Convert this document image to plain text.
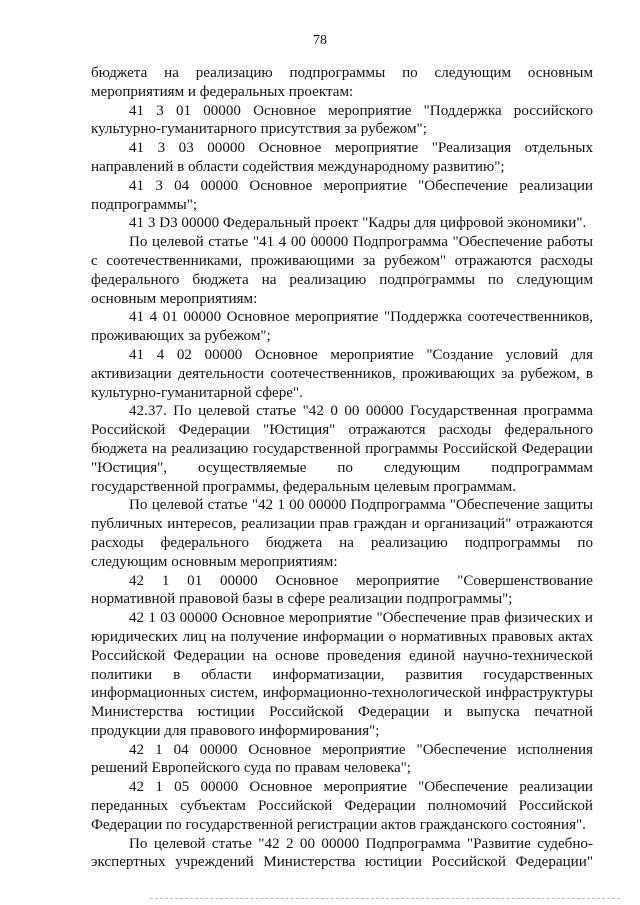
78

бюджета на реализацию подпрограммы по следующим основным мероприятиям и федеральных проектам:

41 3 01 00000 Основное мероприятие "Поддержка российского культурно-гуманитарного присутствия за рубежом";

41 3 03 00000 Основное мероприятие "Реализация отдельных направлений в области содействия международному развитию";

41 3 04 00000 Основное мероприятие "Обеспечение реализации подпрограммы";

41 3 D3 00000 Федеральный проект "Кадры для цифровой экономики".

По целевой статье "41 4 00 00000 Подпрограмма "Обеспечение работы с соотечественниками, проживающими за рубежом" отражаются расходы федерального бюджета на реализацию подпрограммы по следующим основным мероприятиям:

41 4 01 00000 Основное мероприятие "Поддержка соотечественников, проживающих за рубежом";

41 4 02 00000 Основное мероприятие "Создание условий для активизации деятельности соотечественников, проживающих за рубежом, в культурно-гуманитарной сфере".

42.37. По целевой статье "42 0 00 00000 Государственная программа Российской Федерации "Юстиция" отражаются расходы федерального бюджета на реализацию государственной программы Российской Федерации "Юстиция", осуществляемые по следующим подпрограммам государственной программы, федеральным целевым программам.

По целевой статье "42 1 00 00000 Подпрограмма "Обеспечение защиты публичных интересов, реализации прав граждан и организаций" отражаются расходы федерального бюджета на реализацию подпрограммы по следующим основным мероприятиям:

42 1 01 00000 Основное мероприятие "Совершенствование нормативной правовой базы в сфере реализации подпрограммы";

42 1 03 00000 Основное мероприятие "Обеспечение прав физических и юридических лиц на получение информации о нормативных правовых актах Российской Федерации на основе проведения единой научно-технической политики в области информатизации, развития государственных информационных систем, информационно-технологической инфраструктуры Министерства юстиции Российской Федерации и выпуска печатной продукции для правового информирования";

42 1 04 00000 Основное мероприятие "Обеспечение исполнения решений Европейского суда по правам человека";

42 1 05 00000 Основное мероприятие "Обеспечение реализации переданных субъектам Российской Федерации полномочий Российской Федерации по государственной регистрации актов гражданского состояния".

По целевой статье "42 2 00 00000 Подпрограмма "Развитие судебно-экспертных учреждений Министерства юстиции Российской Федерации"
